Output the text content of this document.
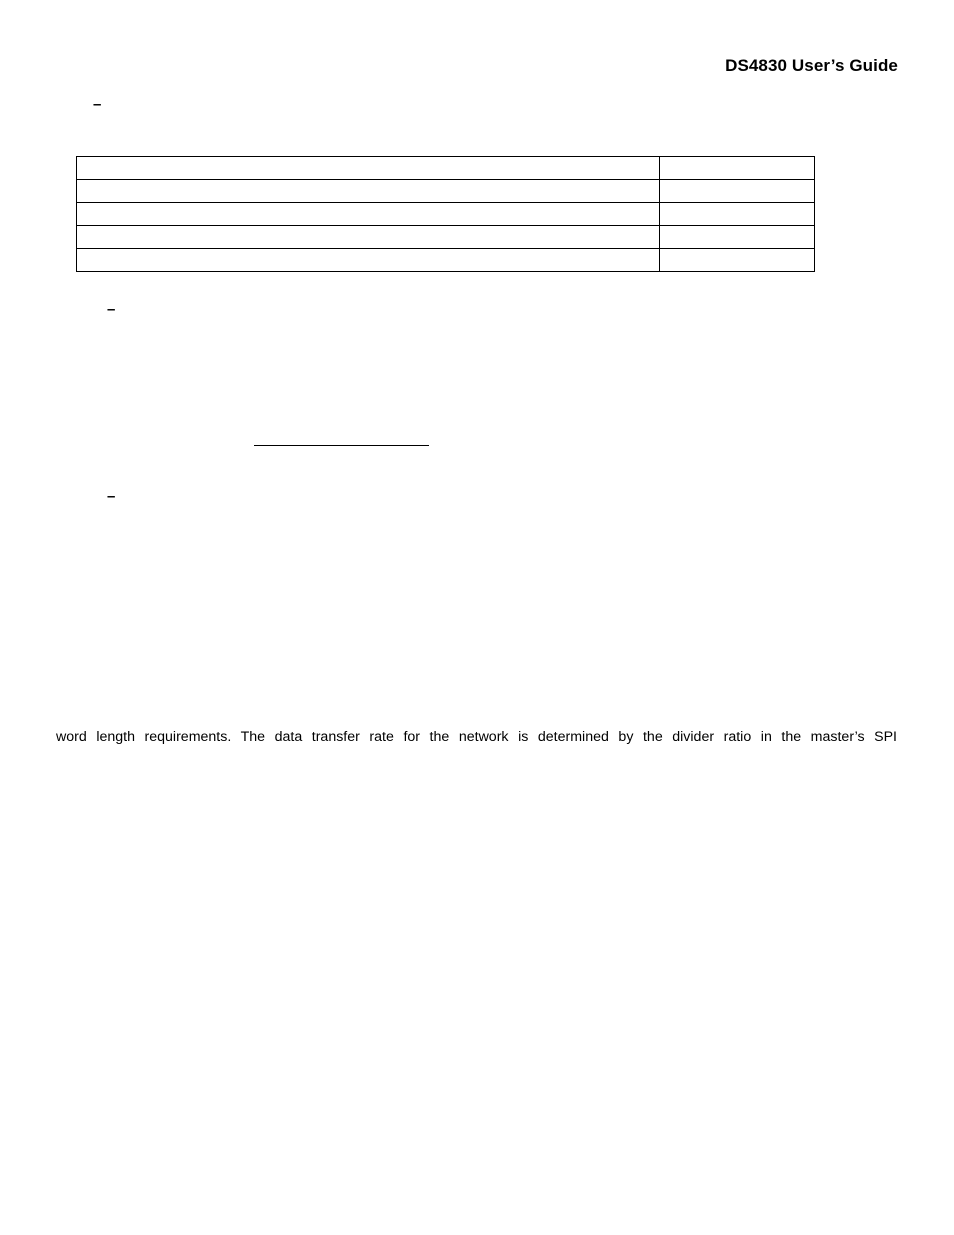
DS4830 User’s Guide
–

–
–
word length requirements. The data transfer rate for the network is determined by the divider ratio in the master’s SPI
